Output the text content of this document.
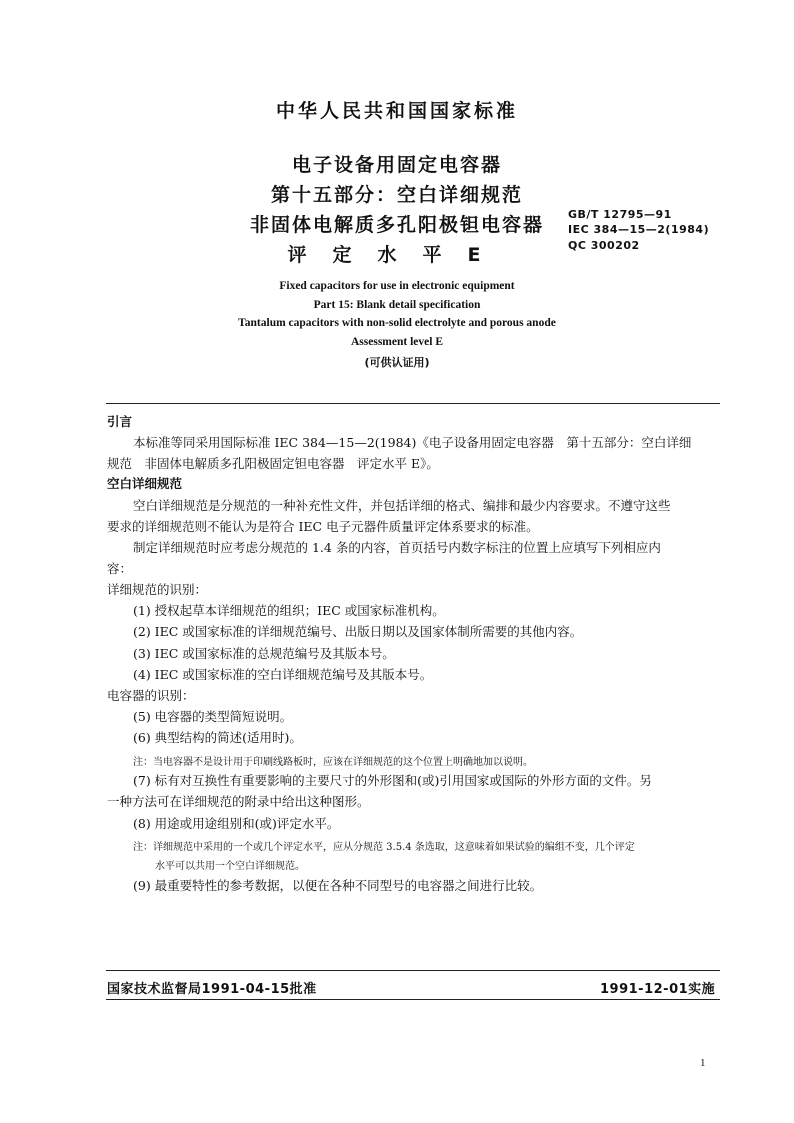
中华人民共和国国家标准
电子设备用固定电容器
第十五部分：空白详细规范
非固体电解质多孔阳极钽电容器
评定水平E
GB/T 12795—91
IEC 384—15—2(1984)
QC 300202
Fixed capacitors for use in electronic equipment
Part 15: Blank detail specification
Tantalum capacitors with non-solid electrolyte and porous anode
Assessment level E
(可供认证用)
引言
本标准等同采用国际标准 IEC 384—15—2(1984)《电子设备用固定电容器　第十五部分：空白详细
规范　非固体电解质多孔阳极固定钽电容器　评定水平 E》。
空白详细规范
空白详细规范是分规范的一种补充性文件，并包括详细的格式、编排和最少内容要求。不遵守这些
要求的详细规范则不能认为是符合 IEC 电子元器件质量评定体系要求的标准。
制定详细规范时应考虑分规范的 1.4 条的内容，首页括号内数字标注的位置上应填写下列相应内
容：
详细规范的识别：
(1) 授权起草本详细规范的组织；IEC 或国家标准机构。
(2) IEC 或国家标准的详细规范编号、出版日期以及国家体制所需要的其他内容。
(3) IEC 或国家标准的总规范编号及其版本号。
(4) IEC 或国家标准的空白详细规范编号及其版本号。
电容器的识别：
(5) 电容器的类型简短说明。
(6) 典型结构的简述(适用时)。
注：当电容器不是设计用于印刷线路板时，应该在详细规范的这个位置上明确地加以说明。
(7) 标有对互换性有重要影响的主要尺寸的外形图和(或)引用国家或国际的外形方面的文件。另
一种方法可在详细规范的附录中给出这种图形。
(8) 用途或用途组别和(或)评定水平。
注：详细规范中采用的一个或几个评定水平，应从分规范 3.5.4 条选取，这意味着如果试验的编组不变，几个评定
水平可以共用一个空白详细规范。
(9) 最重要特性的参考数据，以便在各种不同型号的电容器之间进行比较。
国家技术监督局1991-04-15批准	1991-12-01实施
1
